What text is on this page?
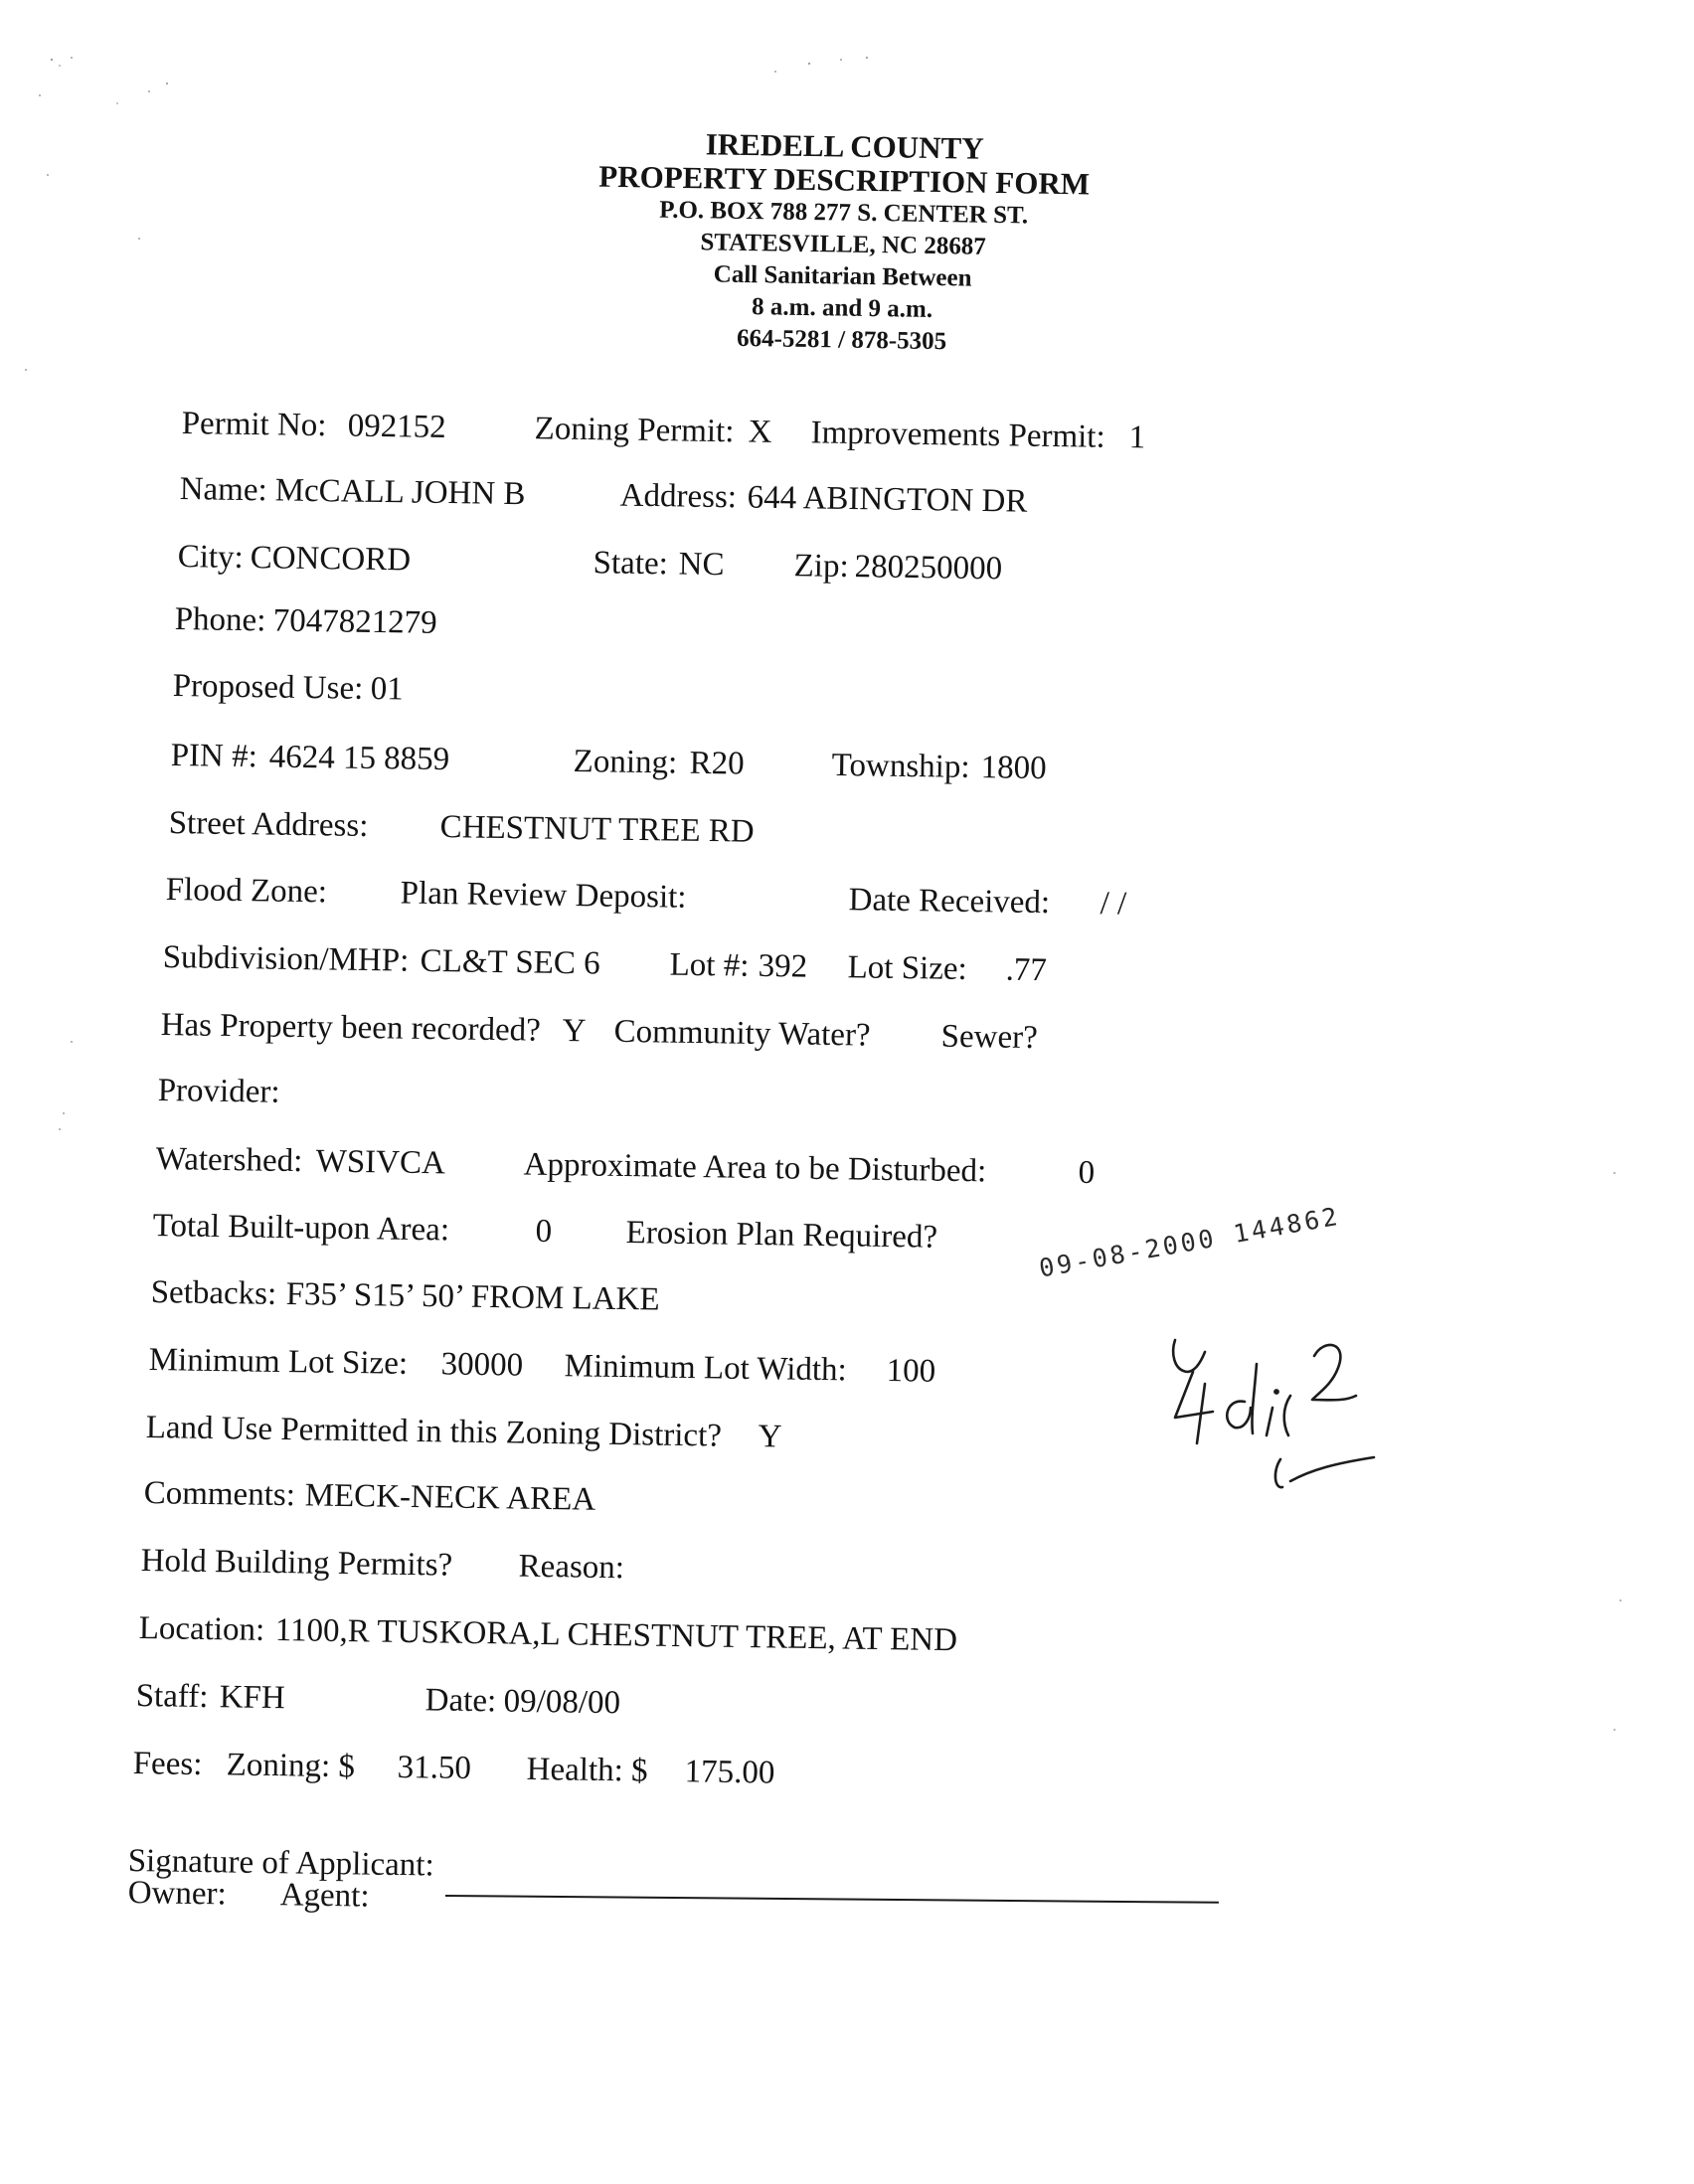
IREDELL COUNTY
PROPERTY DESCRIPTION FORM
P.O. BOX 788 277 S. CENTER ST.
STATESVILLE, NC 28687
Call Sanitarian Between
8 a.m. and 9 a.m.
664-5281 / 878-5305
Permit No: 092152	Zoning Permit: X Improvements Permit: 1
Name: McCALL JOHN B	Address: 644 ABINGTON DR
City: CONCORD	State: NC Zip: 280250000
Phone: 7047821279
Proposed Use: 01
PIN #: 4624 15 8859	Zoning: R20	Township: 1800
Street Address: CHESTNUT TREE RD
Flood Zone: Plan Review Deposit:	Date Received: / /
Subdivision/MHP: CL&T SEC 6 Lot #: 392 Lot Size: .77
Has Property been recorded? Y Community Water? Sewer?
Provider:
Watershed: WSIVCA Approximate Area to be Disturbed:	0
Total Built-upon Area:	0 Erosion Plan Required?
Setbacks: F35’ S15’ 50’ FROM LAKE
Minimum Lot Size: 30000 Minimum Lot Width: 100
Land Use Permitted in this Zoning District? Y
Comments: MECK-NECK AREA
Hold Building Permits? Reason:
Location: 1100,R TUSKORA,L CHESTNUT TREE, AT END
Staff: KFH	Date: 09/08/00
Fees: Zoning: $ 31.50 Health: $ 175.00
Signature of Applicant:
Owner: Agent:
09-08-2000 144862
